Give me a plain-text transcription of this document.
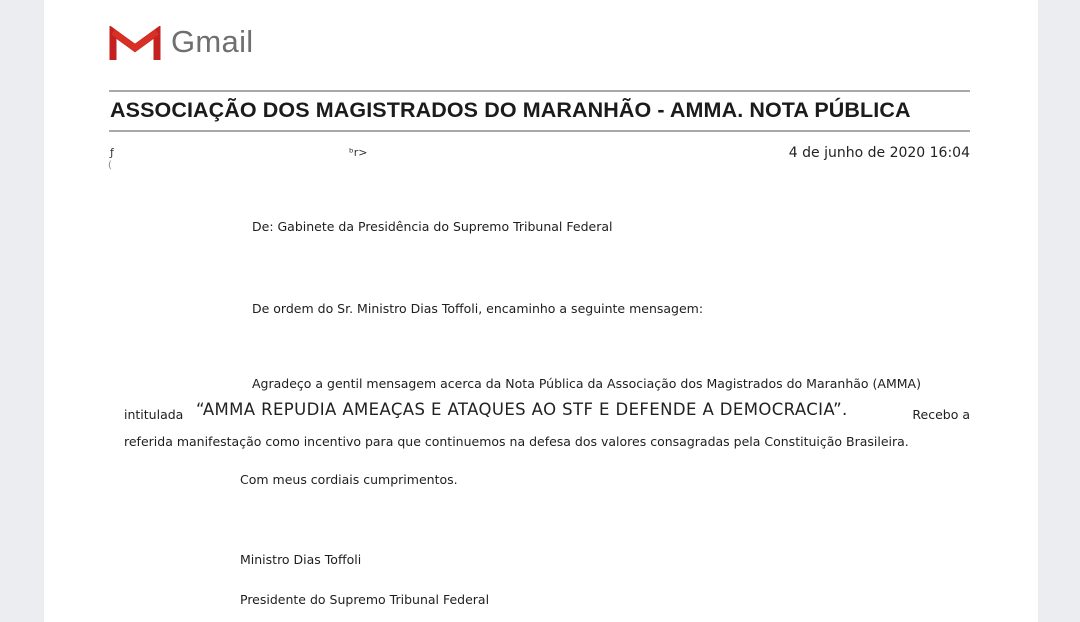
Gmail
ASSOCIAÇÃO DOS MAGISTRADOS DO MARANHÃO - AMMA. NOTA PÚBLICA
ƒ
(
ᵇr>	4 de junho de 2020 16:04
De: Gabinete da Presidência do Supremo Tribunal Federal
De ordem do Sr. Ministro Dias Toffoli, encaminho a seguinte mensagem:
Agradeço a gentil mensagem acerca da Nota Pública da Associação dos Magistrados do Maranhão (AMMA)
intitulada “AMMA REPUDIA AMEAÇAS E ATAQUES AO STF E DEFENDE A DEMOCRACIA”.	Recebo a
referida manifestação como incentivo para que continuemos na defesa dos valores consagradas pela Constituição Brasileira.
Com meus cordiais cumprimentos.
Ministro Dias Toffoli
Presidente do Supremo Tribunal Federal
